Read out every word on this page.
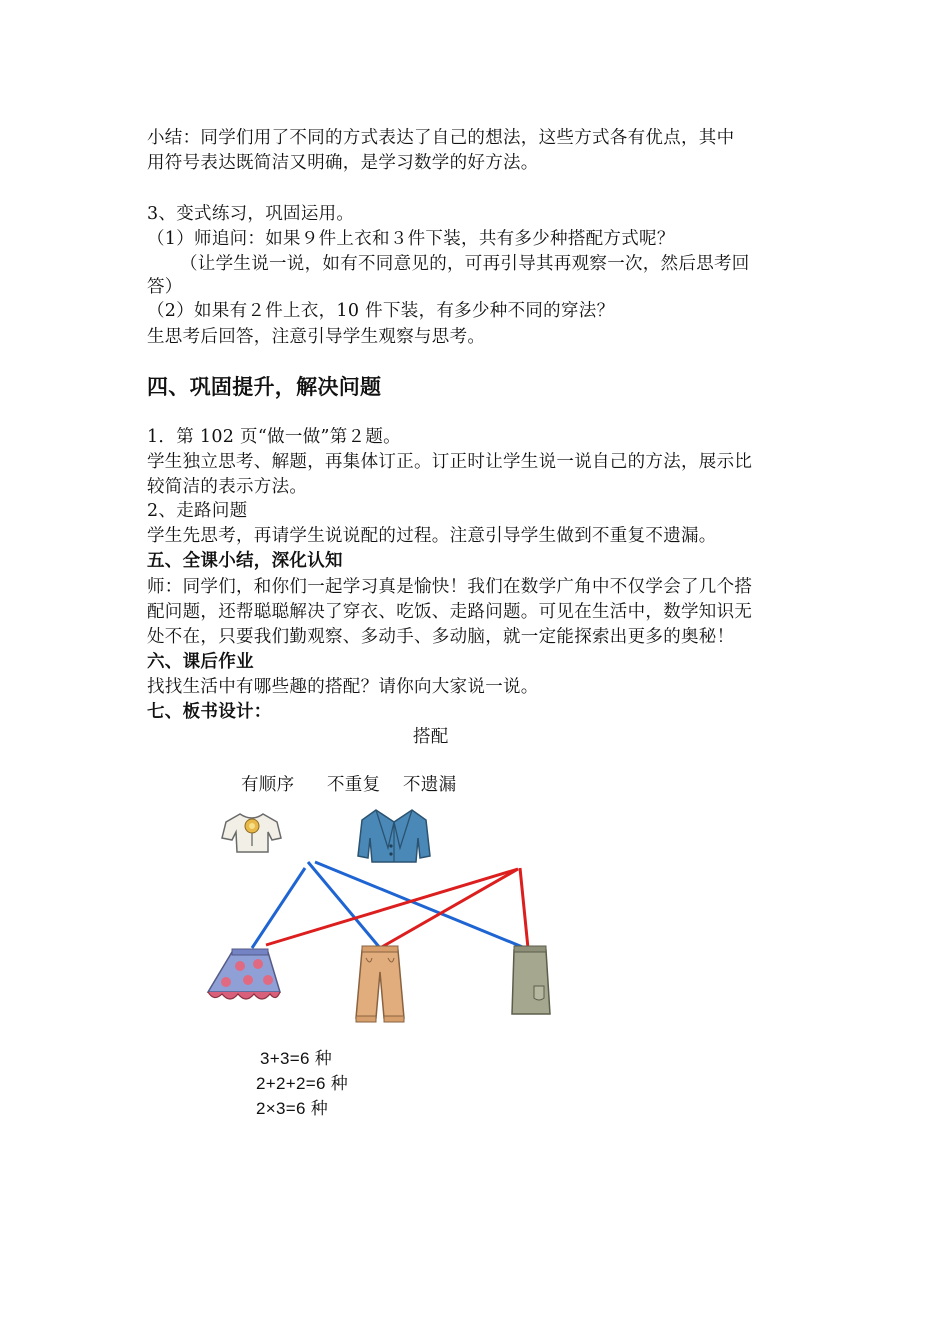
小结：同学们用了不同的方式表达了自己的想法，这些方式各有优点，其中
用符号表达既简洁又明确，是学习数学的好方法。
3、变式练习，巩固运用。
（1）师追问：如果９件上衣和３件下装，共有多少种搭配方式呢？
（让学生说一说，如有不同意见的，可再引导其再观察一次，然后思考回
答）
（2）如果有２件上衣，10 件下装，有多少种不同的穿法？
生思考后回答，注意引导学生观察与思考。
四、巩固提升，解决问题
1．第 102 页“做一做”第２题。
学生独立思考、解题，再集体订正。订正时让学生说一说自己的方法，展示比
较简洁的表示方法。
2、走路问题
学生先思考，再请学生说说配的过程。注意引导学生做到不重复不遗漏。
五、全课小结，深化认知
师：同学们，和你们一起学习真是愉快！我们在数学广角中不仅学会了几个搭
配问题，还帮聪聪解决了穿衣、吃饭、走路问题。可见在生活中，数学知识无
处不在，只要我们勤观察、多动手、多动脑，就一定能探索出更多的奥秘！
六、课后作业
找找生活中有哪些趣的搭配？请你向大家说一说。
七、板书设计：
搭配
有顺序 不重复 不遗漏
3+3=6 种
2+2+2=6 种
2×3=6 种
